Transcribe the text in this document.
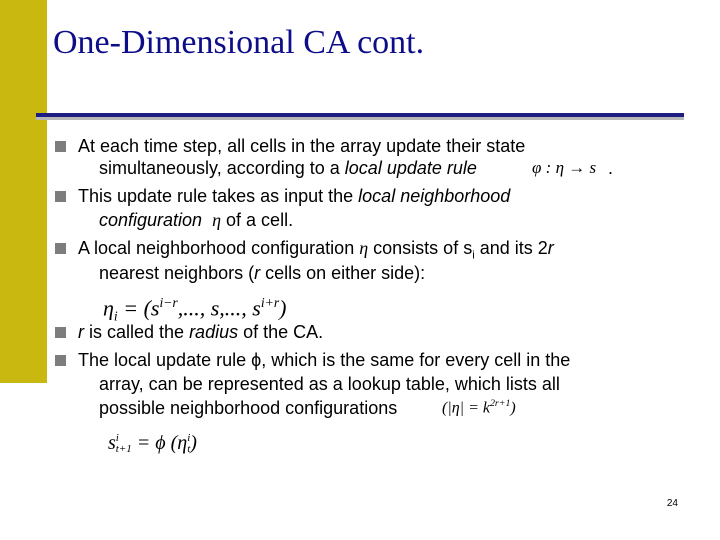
One-Dimensional CA cont.
At each time step, all cells in the array update their state
simultaneously, according to a local update rule	φ : η → s .
This update rule takes as input the local neighborhood
configuration η of a cell.
A local neighborhood configuration η consists of $s_i$ and its 2r
nearest neighbors (r cells on either side):
$\eta_i = (s^{i-r}$,..., s,..., $s^{i+r}$)
r is called the radius of the CA.
The local update rule ϕ, which is the same for every cell in the
array, can be represented as a lookup table, which lists all
possible neighborhood configurations	$(|\eta| = k^{2r+1})$
s i
t+1 = ϕ (η i
t )
24
